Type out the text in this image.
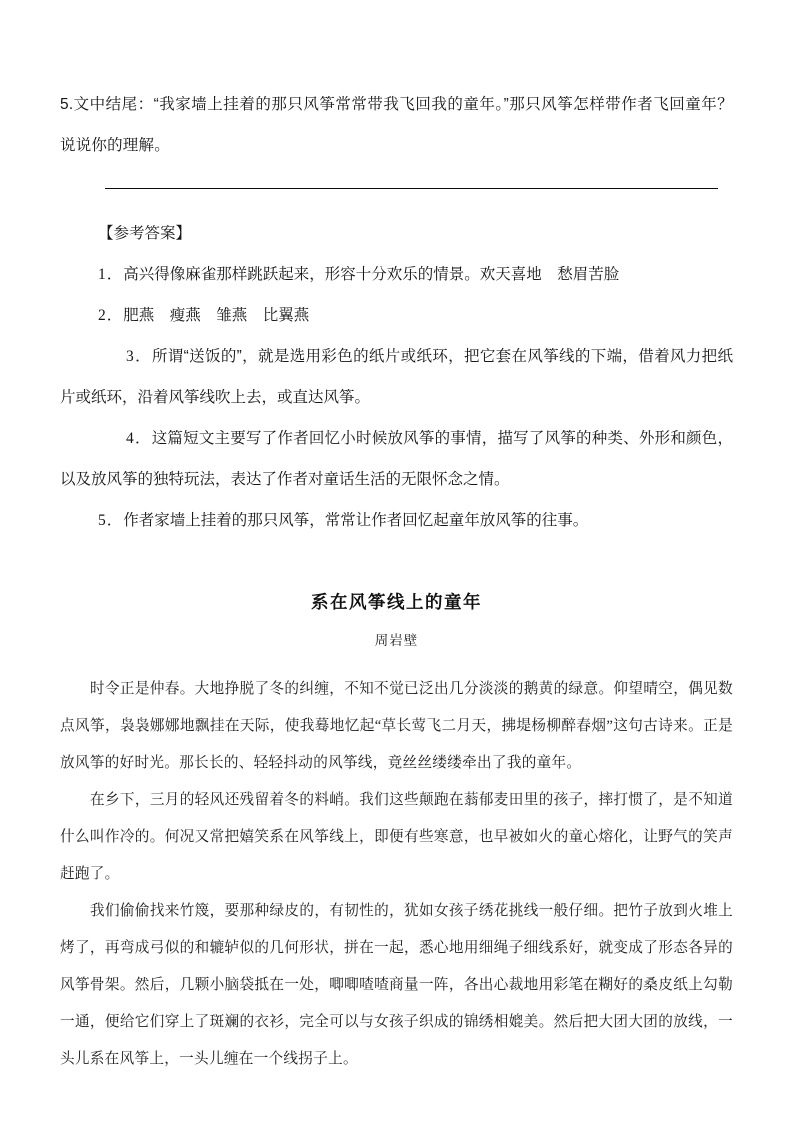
5.文中结尾：“我家墙上挂着的那只风筝常常带我飞回我的童年。”那只风筝怎样带作者飞回童年？说说你的理解。
【参考答案】
1．高兴得像麻雀那样跳跃起来，形容十分欢乐的情景。欢天喜地　愁眉苦脸
2．肥燕　瘦燕　雏燕　比翼燕
3．所谓“送饭的”，就是选用彩色的纸片或纸环，把它套在风筝线的下端，借着风力把纸片或纸环，沿着风筝线吹上去，或直达风筝。
4．这篇短文主要写了作者回忆小时候放风筝的事情，描写了风筝的种类、外形和颜色，以及放风筝的独特玩法，表达了作者对童话生活的无限怀念之情。
5．作者家墙上挂着的那只风筝，常常让作者回忆起童年放风筝的往事。
系在风筝线上的童年
周岩壁

时令正是仲春。大地挣脱了冬的纠缠，不知不觉已泛出几分淡淡的鹅黄的绿意。仰望晴空，偶见数点风筝，袅袅娜娜地飘挂在天际，使我蓦地忆起“草长莺飞二月天，拂堤杨柳醉春烟”这句古诗来。正是放风筝的好时光。那长长的、轻轻抖动的风筝线，竟丝丝缕缕牵出了我的童年。

在乡下，三月的轻风还残留着冬的料峭。我们这些颠跑在蓊郁麦田里的孩子，摔打惯了，是不知道什么叫作冷的。何况又常把嬉笑系在风筝线上，即便有些寒意，也早被如火的童心熔化，让野气的笑声赶跑了。

我们偷偷找来竹篾，要那种绿皮的，有韧性的，犹如女孩子绣花挑线一般仔细。把竹子放到火堆上烤了，再弯成弓似的和辘轳似的几何形状，拼在一起，悉心地用细绳子细线系好，就变成了形态各异的风筝骨架。然后，几颗小脑袋抵在一处，唧唧喳喳商量一阵，各出心裁地用彩笔在糊好的桑皮纸上勾勒一通，便给它们穿上了斑斓的衣衫，完全可以与女孩子织成的锦绣相媲美。然后把大团大团的放线，一头儿系在风筝上，一头儿缠在一个线拐子上。
